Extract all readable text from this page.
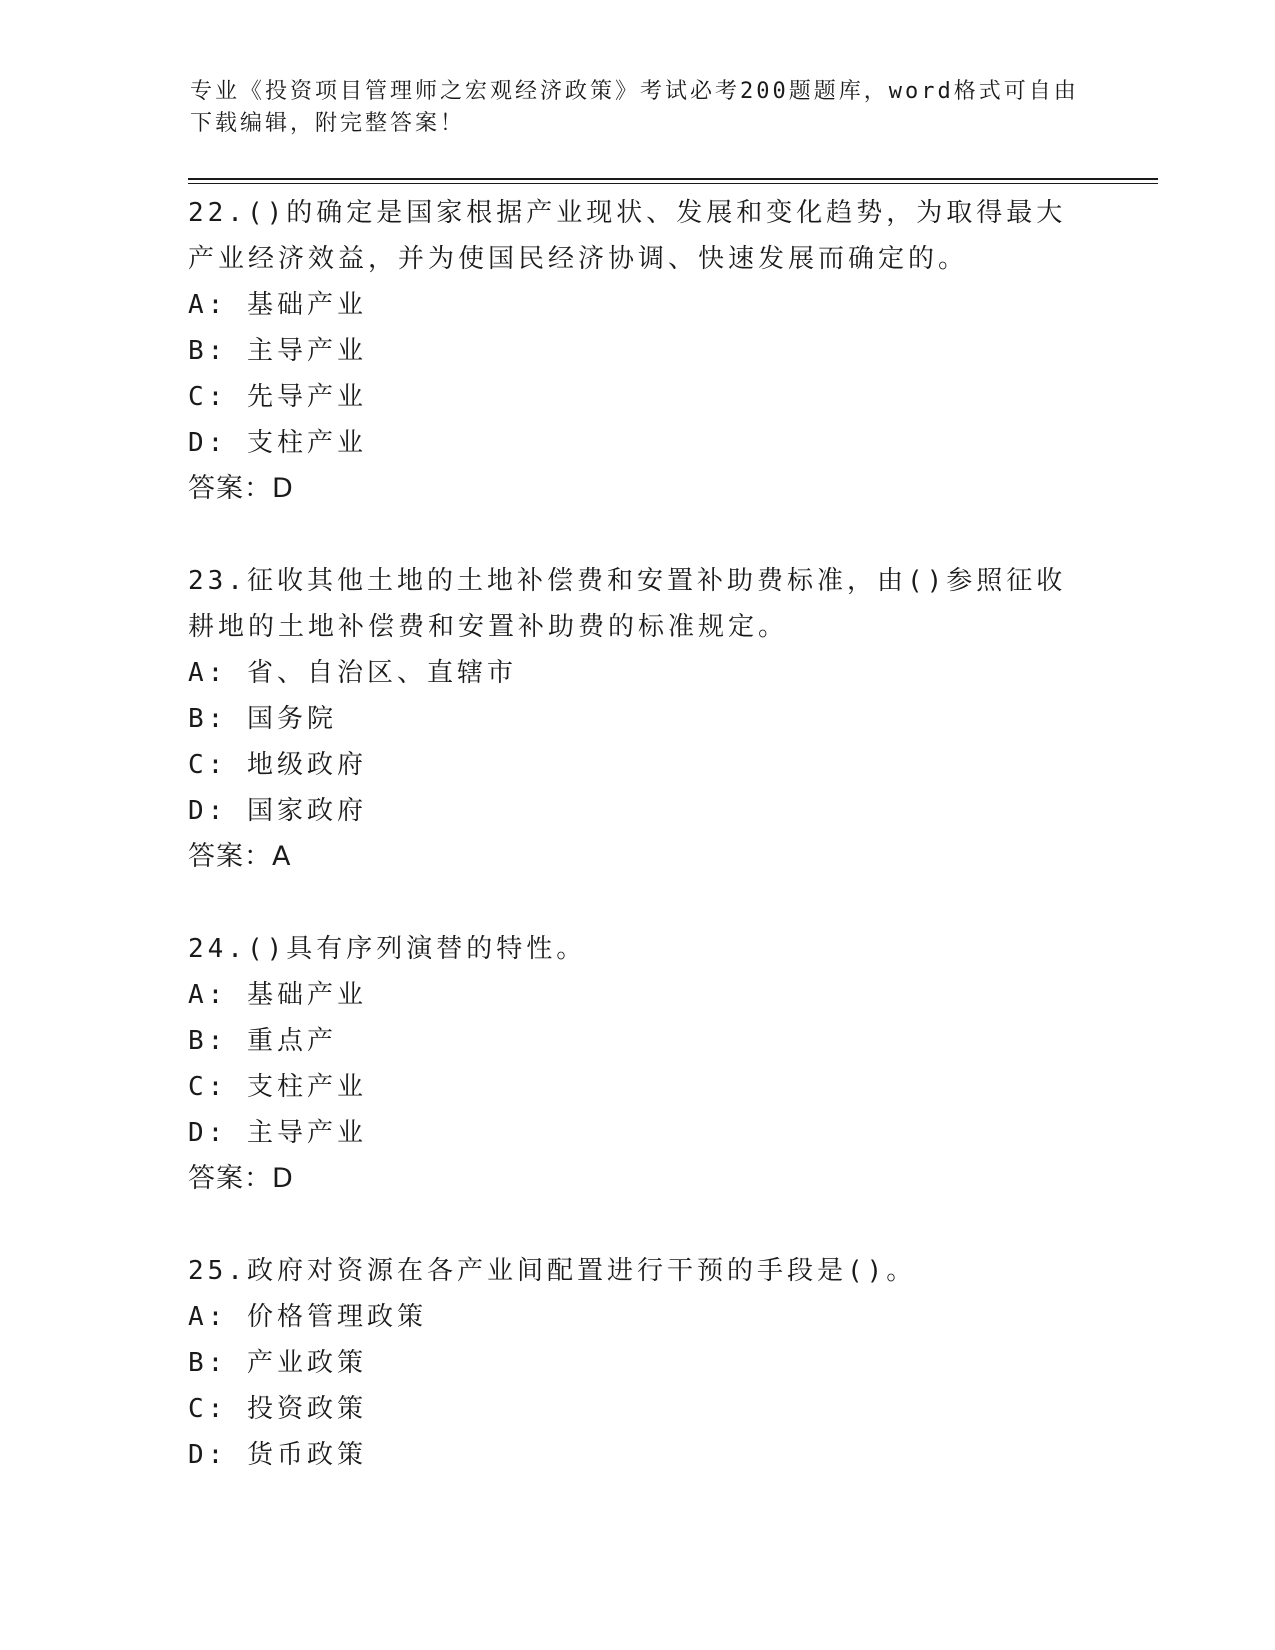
专业《投资项目管理师之宏观经济政策》考试必考200题题库，word格式可自由下载编辑，附完整答案！

22.()的确定是国家根据产业现状、发展和变化趋势，为取得最大产业经济效益，并为使国民经济协调、快速发展而确定的。

A: 基础产业

B: 主导产业

C: 先导产业

D: 支柱产业

答案：D

23.征收其他土地的土地补偿费和安置补助费标准，由()参照征收耕地的土地补偿费和安置补助费的标准规定。

A: 省、自治区、直辖市

B: 国务院

C: 地级政府

D: 国家政府

答案：A

24.()具有序列演替的特性。

A: 基础产业

B: 重点产

C: 支柱产业

D: 主导产业

答案：D

25.政府对资源在各产业间配置进行干预的手段是()。

A: 价格管理政策

B: 产业政策

C: 投资政策

D: 货币政策
